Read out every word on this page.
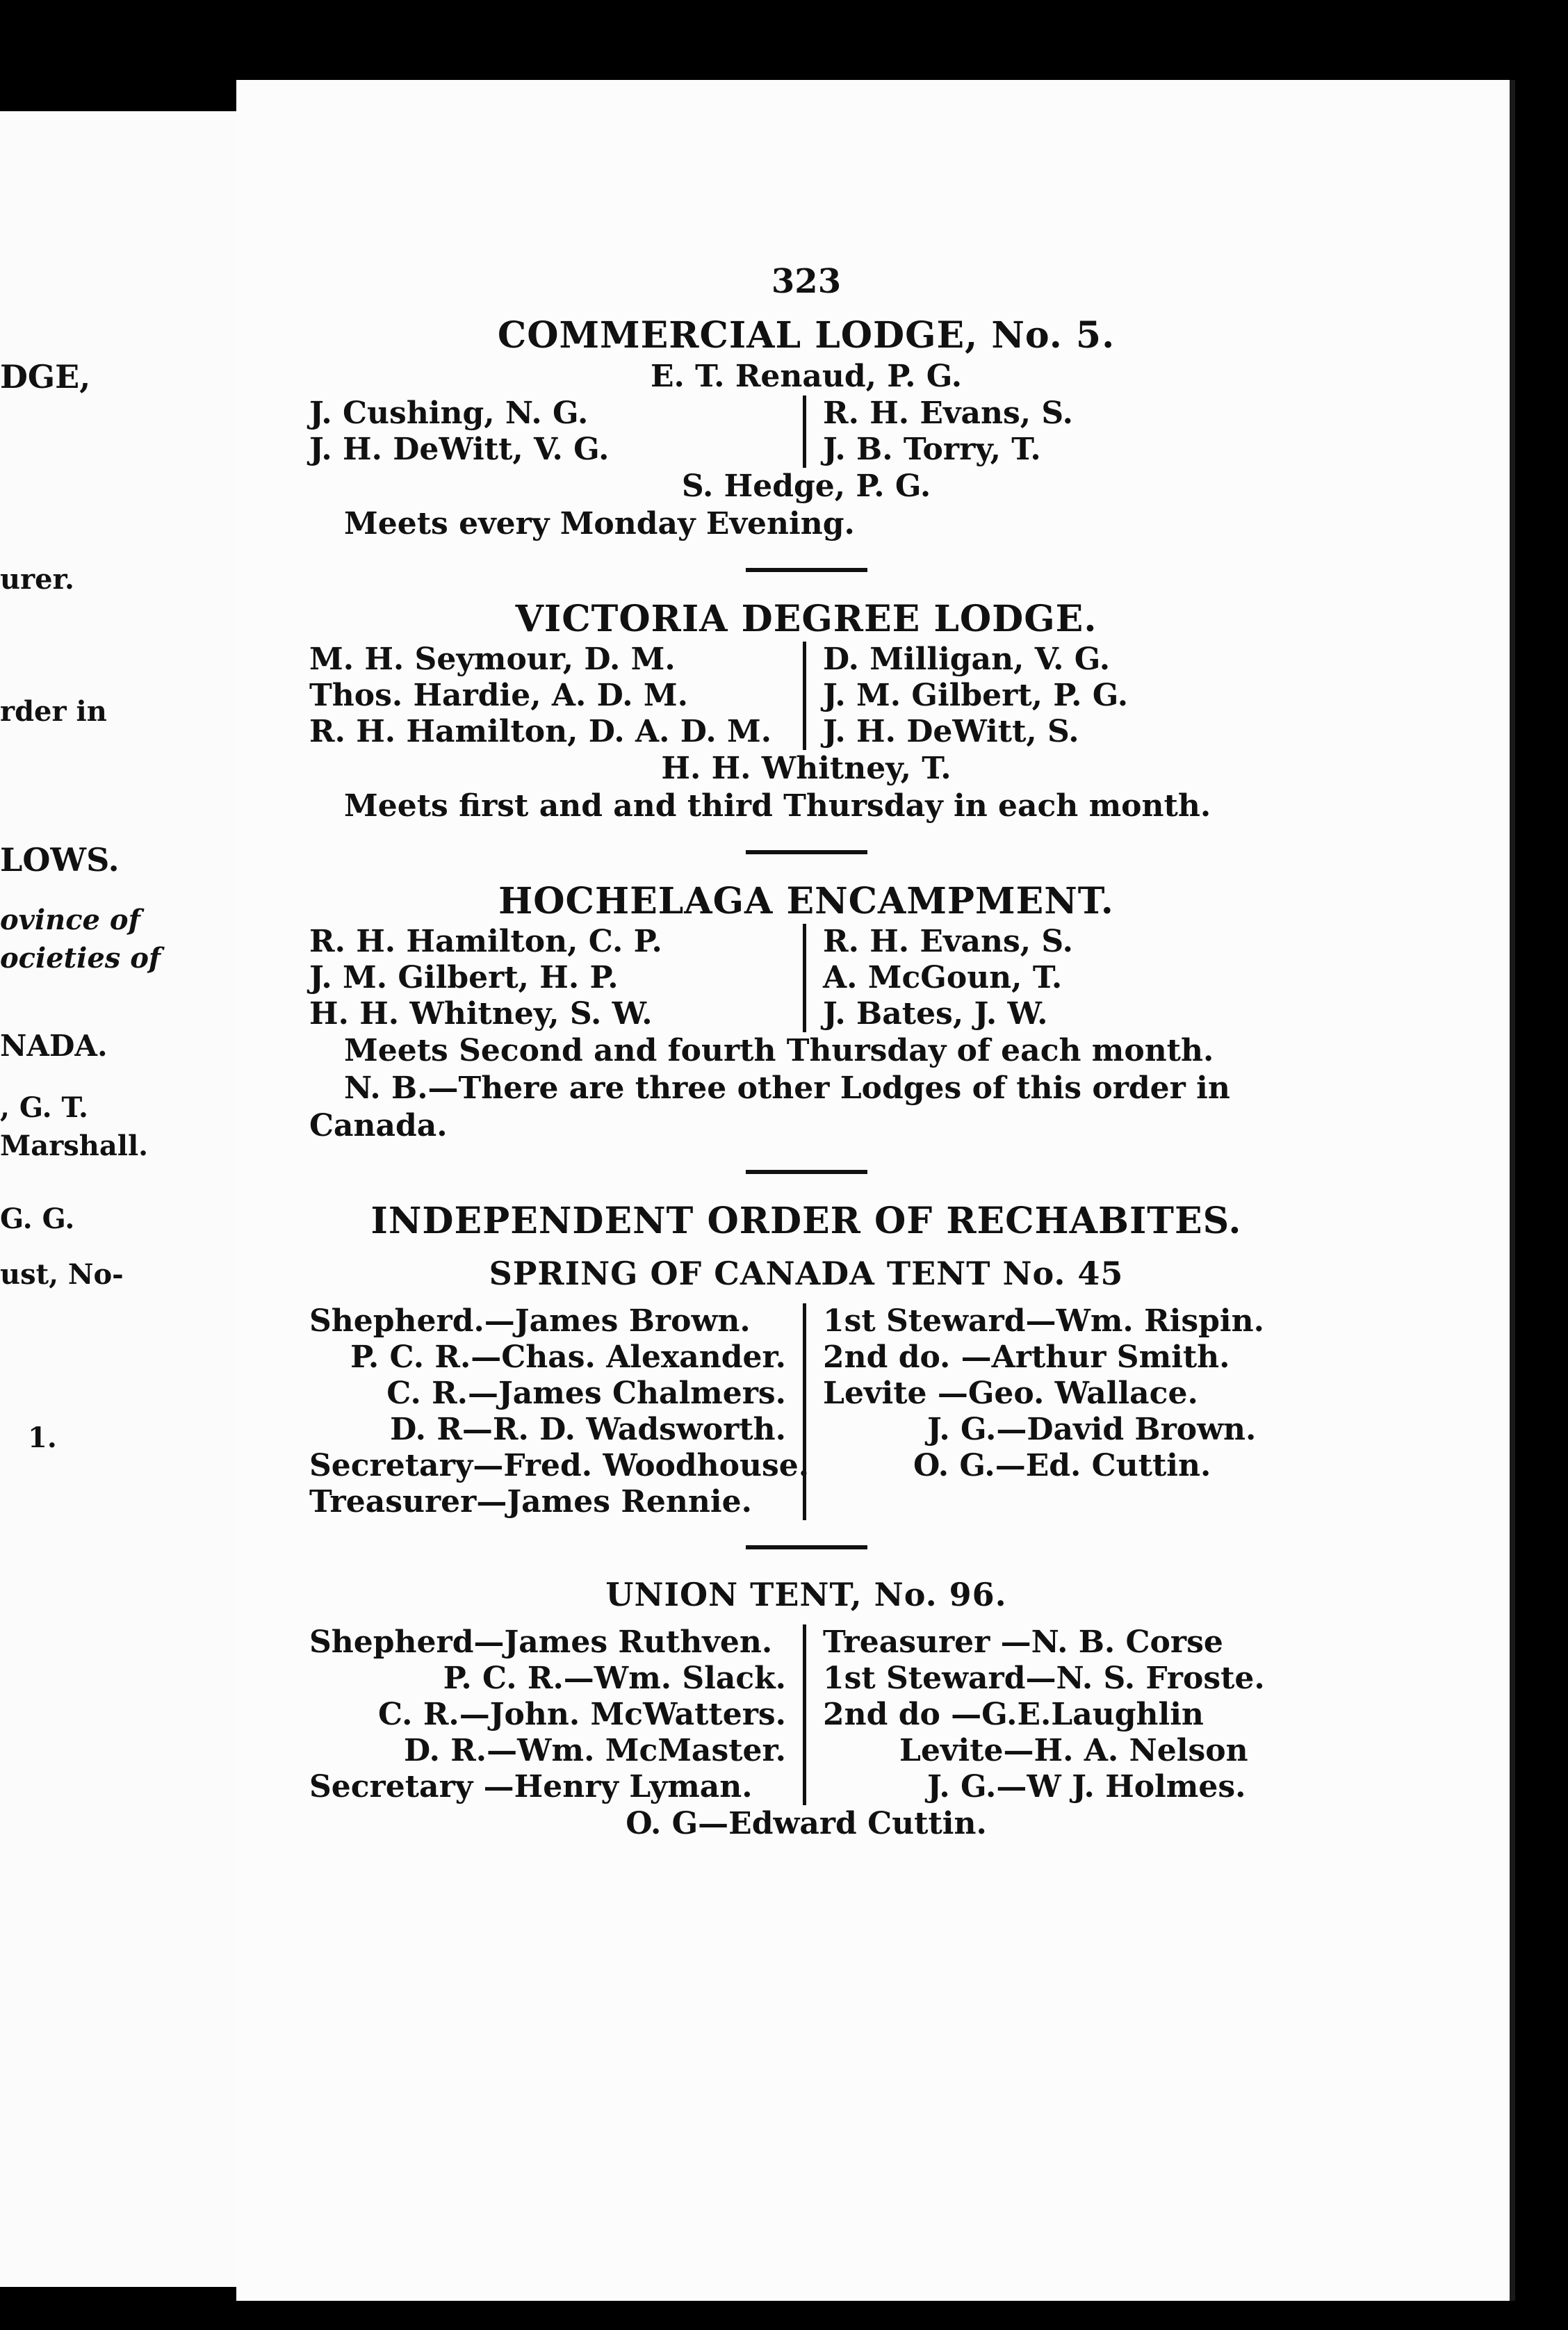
DGE,
urer.
rder in
LOWS.
ovince of
ocieties of
NADA.
, G. T.
Marshall.
G. G.
ust, No-
1.
323
COMMERCIAL LODGE, No. 5.
E. T. Renaud, P. G.
J. Cushing, N. G.
J. H. DeWitt, V. G.
R. H. Evans, S.
J. B. Torry, T.
S. Hedge, P. G.
Meets every Monday Evening.
VICTORIA DEGREE LODGE.
M. H. Seymour, D. M.
Thos. Hardie, A. D. M.
R. H. Hamilton, D. A. D. M.
D. Milligan, V. G.
J. M. Gilbert, P. G.
J. H. DeWitt, S.
H. H. Whitney, T.
Meets first and and third Thursday in each month.
HOCHELAGA ENCAMPMENT.
R. H. Hamilton, C. P.
J. M. Gilbert, H. P.
H. H. Whitney, S. W.
R. H. Evans, S.
A. McGoun, T.
J. Bates, J. W.
Meets Second and fourth Thursday of each month.
N. B.—There are three other Lodges of this order in Canada.
INDEPENDENT ORDER OF RECHABITES.
SPRING OF CANADA TENT No. 45
Shepherd.—James Brown.
P. C. R.—Chas. Alexander.
C. R.—James Chalmers.
D. R—R. D. Wadsworth.
Secretary—Fred. Woodhouse.
Treasurer—James Rennie.
1st Steward—Wm. Rispin.
2nd do. —Arthur Smith.
Levite —Geo. Wallace.
J. G.—David Brown.
O. G.—Ed. Cuttin.
UNION TENT, No. 96.
Shepherd—James Ruthven.
P. C. R.—Wm. Slack.
C. R.—John. McWatters.
D. R.—Wm. McMaster.
Secretary —Henry Lyman.
Treasurer —N. B. Corse
1st Steward—N. S. Froste.
2nd do —G.E.Laughlin
Levite—H. A. Nelson
J. G.—W J. Holmes.
O. G—Edward Cuttin.
